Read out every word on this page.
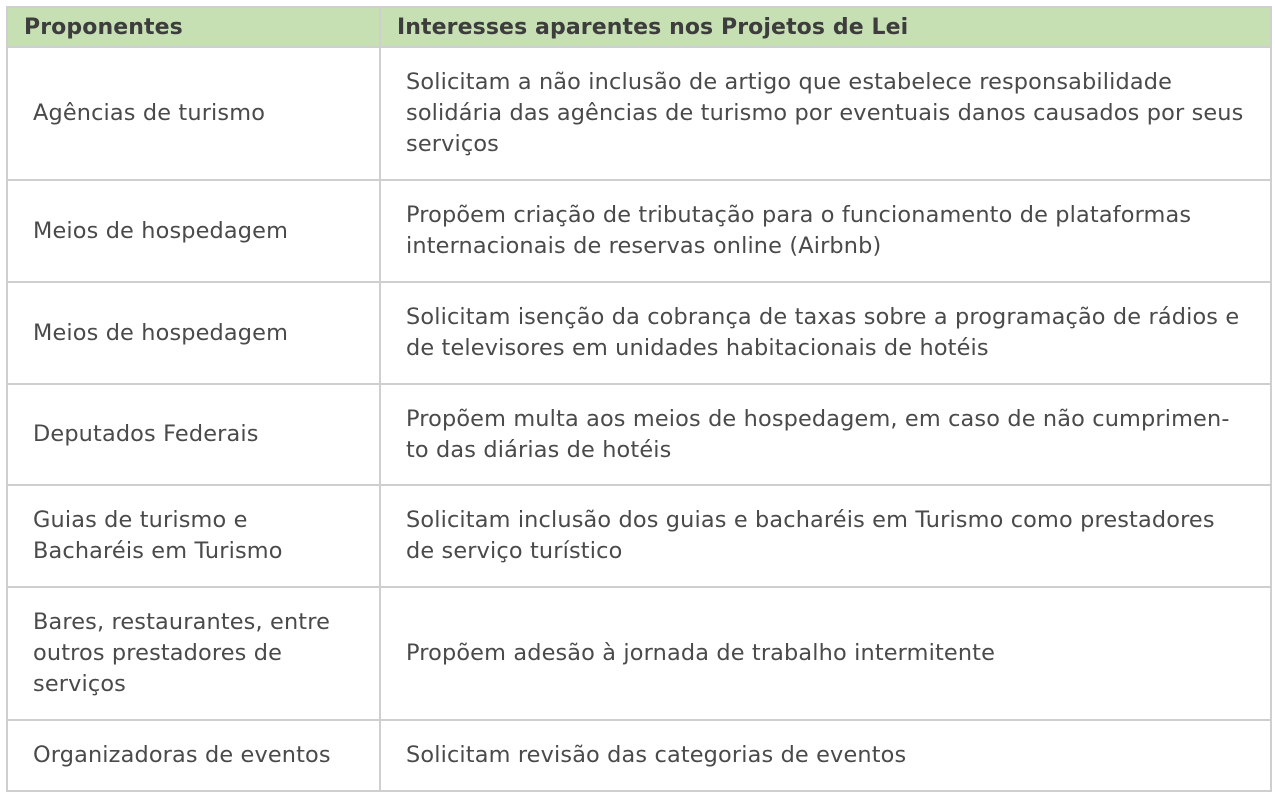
Proponentes	Interesses aparentes nos Projetos de Lei
Agências de turismo	Solicitam a não inclusão de artigo que estabelece responsabilidade solidária das agências de turismo por eventuais danos causados por seus serviços
Meios de hospedagem	Propõem criação de tributação para o funcionamento de plataformas internacionais de reservas online (Airbnb)
Meios de hospedagem	Solicitam isenção da cobrança de taxas sobre a programação de rádios e de televisores em unidades habitacionais de hotéis
Deputados Federais	Propõem multa aos meios de hospedagem, em caso de não cumprimen-to das diárias de hotéis
Guias de turismo e Bacharéis em Turismo	Solicitam inclusão dos guias e bacharéis em Turismo como prestadores de serviço turístico
Bares, restaurantes, entre outros prestadores de serviços	Propõem adesão à jornada de trabalho intermitente
Organizadoras de eventos	Solicitam revisão das categorias de eventos
